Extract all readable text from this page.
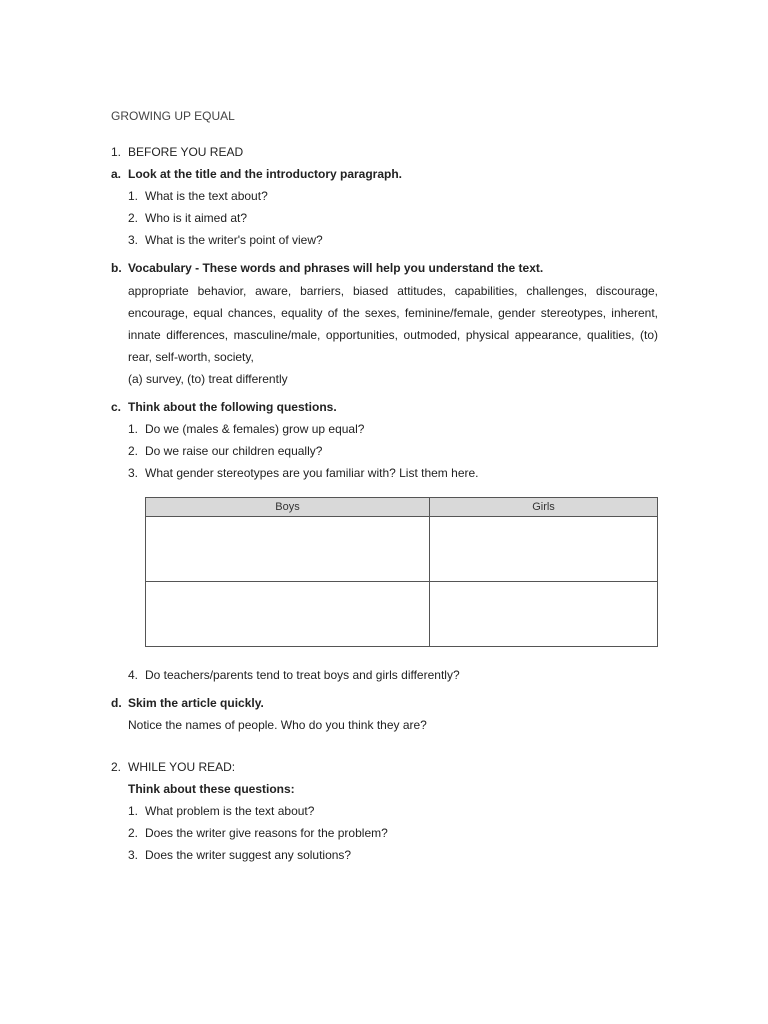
GROWING UP EQUAL
1. BEFORE YOU READ
a. Look at the title and the introductory paragraph.
1. What is the text about?
2. Who is it aimed at?
3. What is the writer's point of view?
b. Vocabulary - These words and phrases will help you understand the text.
appropriate behavior, aware, barriers, biased attitudes, capabilities, challenges, discourage, encourage, equal chances, equality of the sexes, feminine/female, gender stereotypes, inherent, innate differences, masculine/male, opportunities, outmoded, physical appearance, qualities, (to) rear, self-worth, society,
(a) survey, (to) treat differently
c. Think about the following questions.
1. Do we (males & females) grow up equal?
2. Do we raise our children equally?
3. What gender stereotypes are you familiar with? List them here.
Boys	Girls

4. Do teachers/parents tend to treat boys and girls differently?
d. Skim the article quickly.
Notice the names of people. Who do you think they are?
2. WHILE YOU READ:
Think about these questions:
1. What problem is the text about?
2. Does the writer give reasons for the problem?
3. Does the writer suggest any solutions?
